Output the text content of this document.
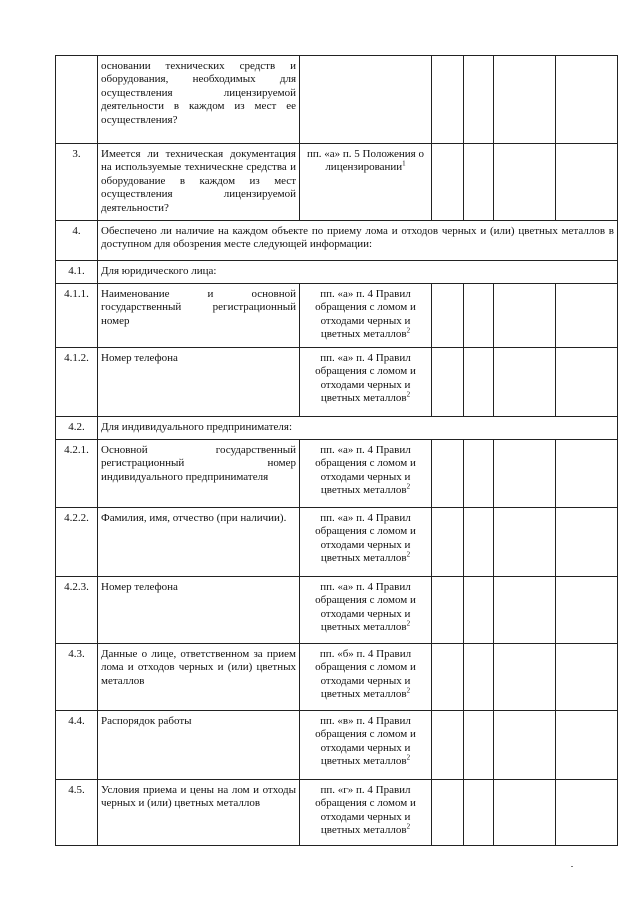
	основании технических средств и оборудования, необходимых для осуществления лицензируемой деятельности в каждом из мест ее осуществления?					
3.	Имеется ли техническая документация на используемые техническне средства и оборудование в каждом из мест осуществления лицензируемой деятельности?	пп. «а» п. 5 Положения о лицензировании$^1$				
4.	Обеспечено ли наличие на каждом объекте по приему лома и отходов черных и (или) цветных металлов в доступном для обозрения месте следующей информации:					
4.1.	Для юридического лица:					
4.1.1.	Наименование и основной государственный регистрационный номер	пп. «а» п. 4 Правил обращения с ломом и отходами черных и цветных металлов$^2$				
4.1.2.	Номер телефона	пп. «а» п. 4 Правил обращения с ломом и отходами черных и цветных металлов$^2$				
4.2.	Для индивидуального предпринимателя:					
4.2.1.	Основной государственный регистрационный номер индивидуального предпринимателя	пп. «а» п. 4 Правил обращения с ломом и отходами черных и цветных металлов$^2$				
4.2.2.	Фамилия, имя, отчество (при наличии).	пп. «а» п. 4 Правил обращения с ломом и отходами черных и цветных металлов$^2$				
4.2.3.	Номер телефона	пп. «а» п. 4 Правил обращения с ломом и отходами черных и цветных металлов$^2$				
4.3.	Данные о лице, ответственном за прием лома и отходов черных и (или) цветных металлов	пп. «б» п. 4 Правил обращения с ломом и отходами черных и цветных металлов$^2$				
4.4.	Распорядок работы	пп. «в» п. 4 Правил обращения с ломом и отходами черных и цветных металлов$^2$				
4.5.	Условия приема и цены на лом и отходы черных и (или) цветных металлов	пп. «г» п. 4 Правил обращения с ломом и отходами черных и цветных металлов$^2$				
